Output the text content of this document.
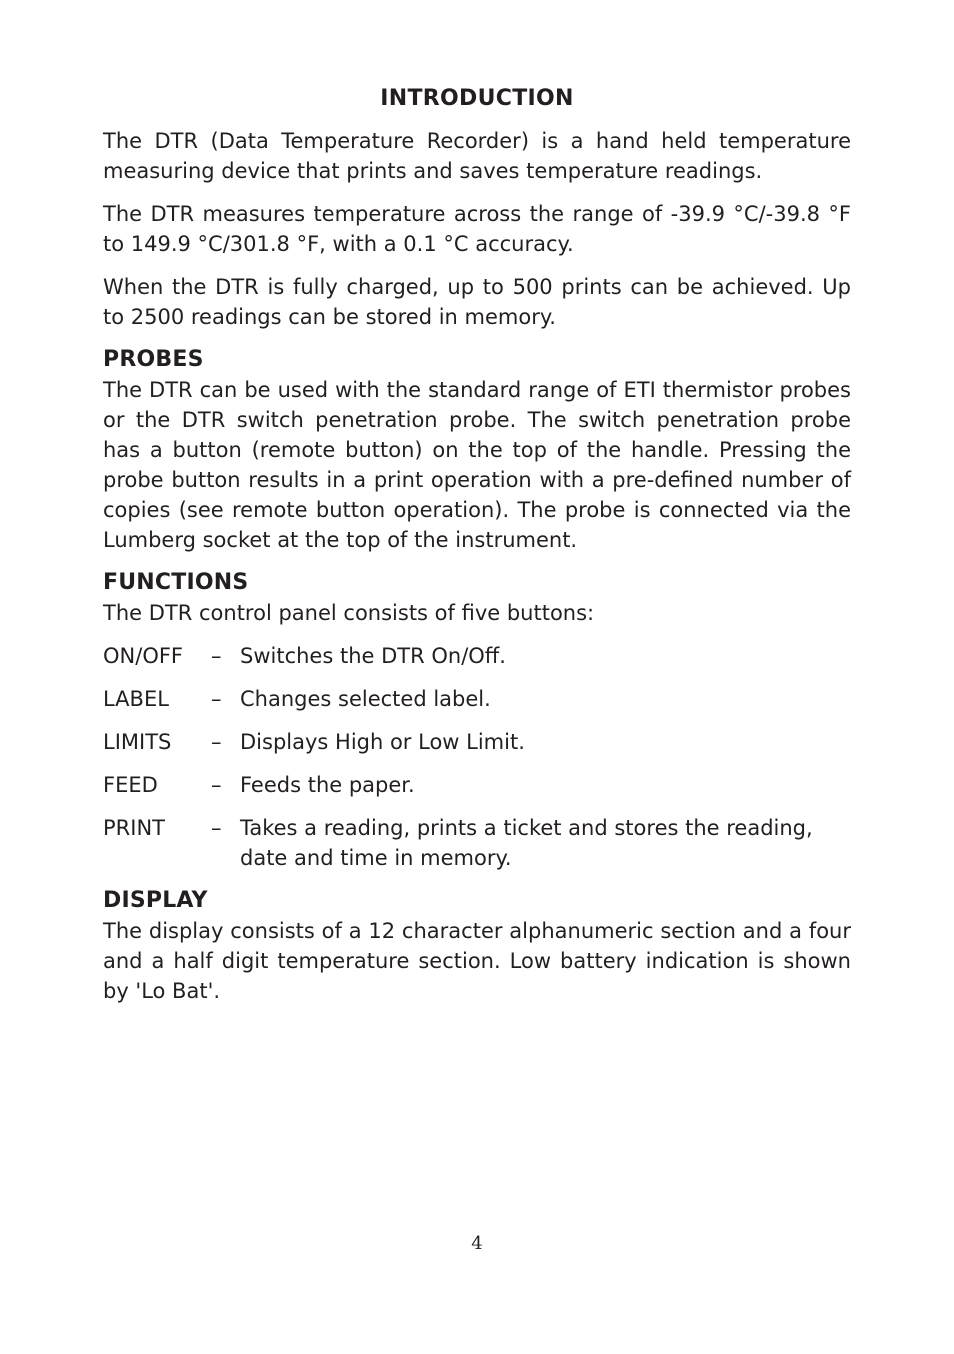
INTRODUCTION

The DTR (Data Temperature Recorder) is a hand held temperature measuring device that prints and saves temperature readings.

The DTR measures temperature across the range of -39.9 °C/-39.8 °F to 149.9 °C/301.8 °F, with a 0.1 °C accuracy.

When the DTR is fully charged, up to 500 prints can be achieved. Up to 2500 readings can be stored in memory.

PROBES

The DTR can be used with the standard range of ETI thermistor probes or the DTR switch penetration probe. The switch penetration probe has a button (remote button) on the top of the handle. Pressing the probe button results in a print operation with a pre-defined number of copies (see remote button operation). The probe is connected via the Lumberg socket at the top of the instrument.

FUNCTIONS
The DTR control panel consists of five buttons:
ON/OFF	– Switches the DTR On/Off.
LABEL	– Changes selected label.
LIMITS	– Displays High or Low Limit.
FEED	– Feeds the paper.
PRINT	– Takes a reading, prints a ticket and stores the reading, date and time in memory.
DISPLAY

The display consists of a 12 character alphanumeric section and a four and a half digit temperature section. Low battery indication is shown by 'Lo Bat'.

4
